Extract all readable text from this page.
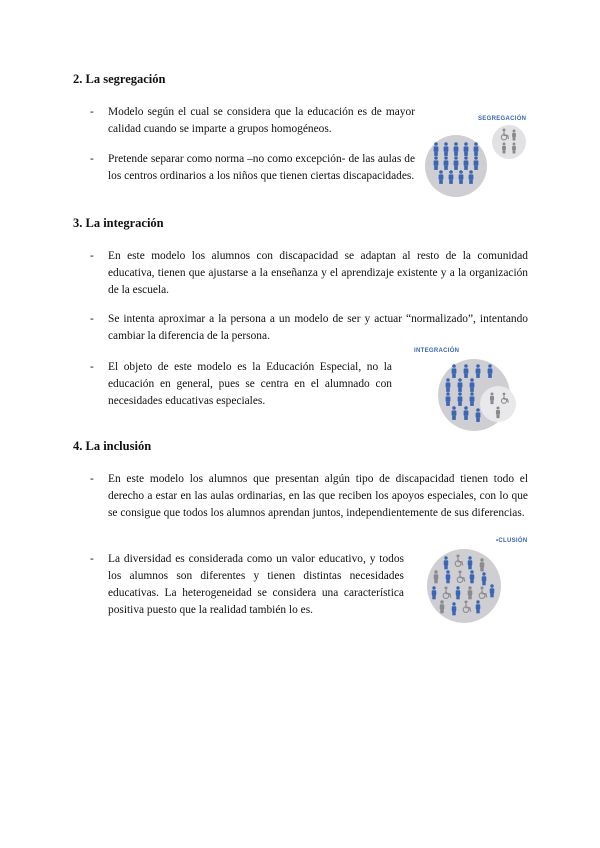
2. La segregación
- Modelo según el cual se considera que la educación es de mayor calidad cuando se imparte a grupos homogéneos.
- Pretende separar como norma –no como excepción- de las aulas de los centros ordinarios a los niños que tienen ciertas discapacidades.
SEGREGACIÓN
3. La integración
- En este modelo los alumnos con discapacidad se adaptan al resto de la comunidad educativa, tienen que ajustarse a la enseñanza y el aprendizaje existente y a la organización de la escuela.
- Se intenta aproximar a la persona a un modelo de ser y actuar “normalizado”, intentando cambiar la diferencia de la persona.
- El objeto de este modelo es la Educación Especial, no la educación en general, pues se centra en el alumnado con necesidades educativas especiales.
INTEGRACIÓN
4. La inclusión
- En este modelo los alumnos que presentan algún tipo de discapacidad tienen todo el derecho a estar en las aulas ordinarias, en las que reciben los apoyos especiales, con lo que se consigue que todos los alumnos aprendan juntos, independientemente de sus diferencias.
- La diversidad es considerada como un valor educativo, y todos los alumnos son diferentes y tienen distintas necesidades educativas. La heterogeneidad se considera una característica positiva puesto que la realidad también lo es.
•CLUSIÓN
